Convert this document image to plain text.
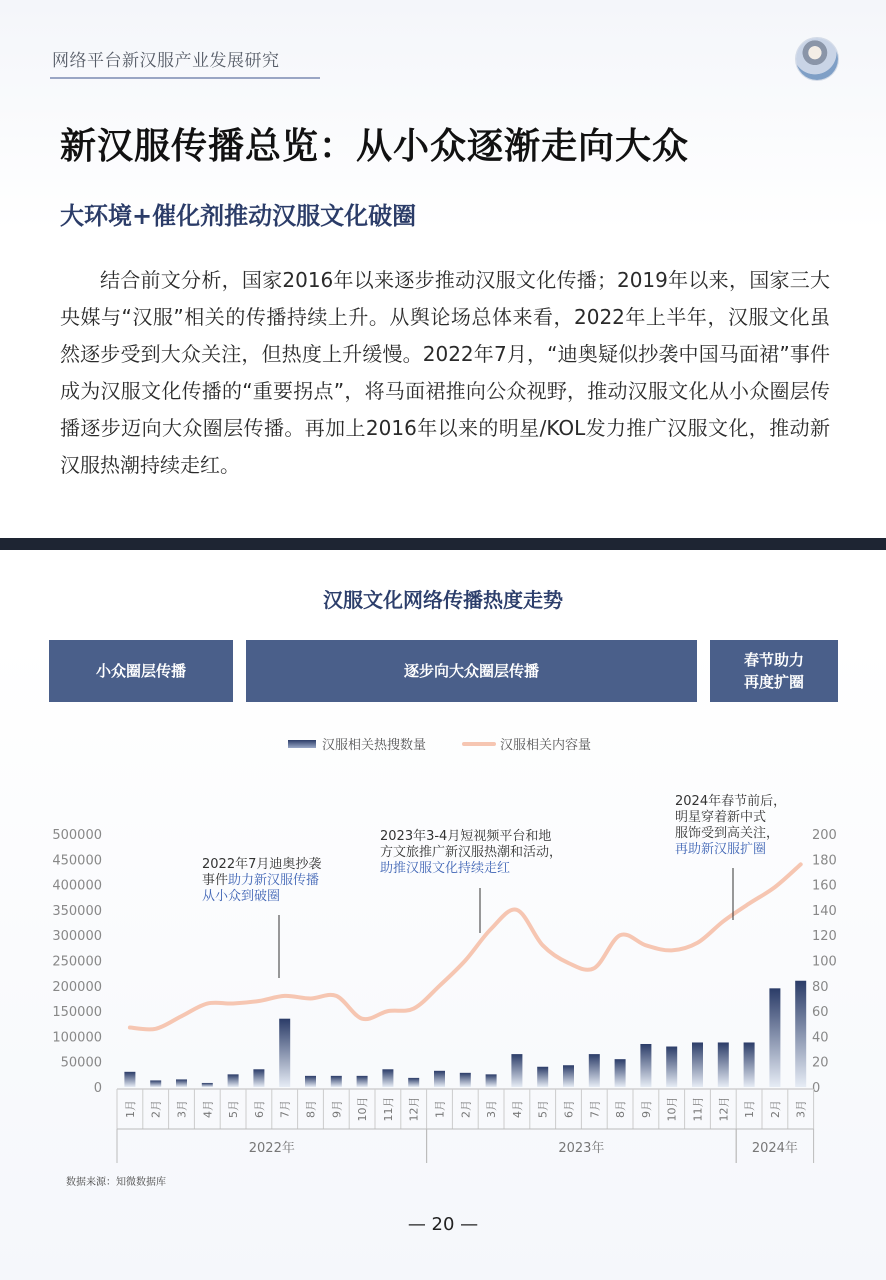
网络平台新汉服产业发展研究
新汉服传播总览：从小众逐渐走向大众
大环境+催化剂推动汉服文化破圈

结合前文分析，国家2016年以来逐步推动汉服文化传播；2019年以来，国家三大央媒与“汉服”相关的传播持续上升。从舆论场总体来看，2022年上半年，汉服文化虽然逐步受到大众关注，但热度上升缓慢。2022年7月，“迪奥疑似抄袭中国马面裙”事件成为汉服文化传播的“重要拐点”，将马面裙推向公众视野，推动汉服文化从小众圈层传播逐步迈向大众圈层传播。再加上2016年以来的明星/KOL发力推广汉服文化，推动新汉服热潮持续走红。

汉服文化网络传播热度走势
小众圈层传播	逐步向大众圈层传播
春节助力
再度扩圈
汉服相关热搜数量	汉服相关内容量
0
50000
100000
150000
200000
250000
300000
350000
400000
450000
500000
0
20
40
60
80
100
120
140
160
180
200
1月 2月 3月 4月 5月 6月 7月 8月 9月 10月 11月 12月 1月 2月 3月 4月 5月 6月 7月 8月 9月 10月 11月 12月 1月 2月 3月
2022年	2023年	2024年
2022年7月迪奥抄袭
事件助力新汉服传播
从小众到破圈
2023年3-4月短视频平台和地
方文旅推广新汉服热潮和活动，
助推汉服文化持续走红
2024年春节前后，
明星穿着新中式
服饰受到高关注，
再助新汉服扩圈
数据来源：知微数据库
— 20 —
